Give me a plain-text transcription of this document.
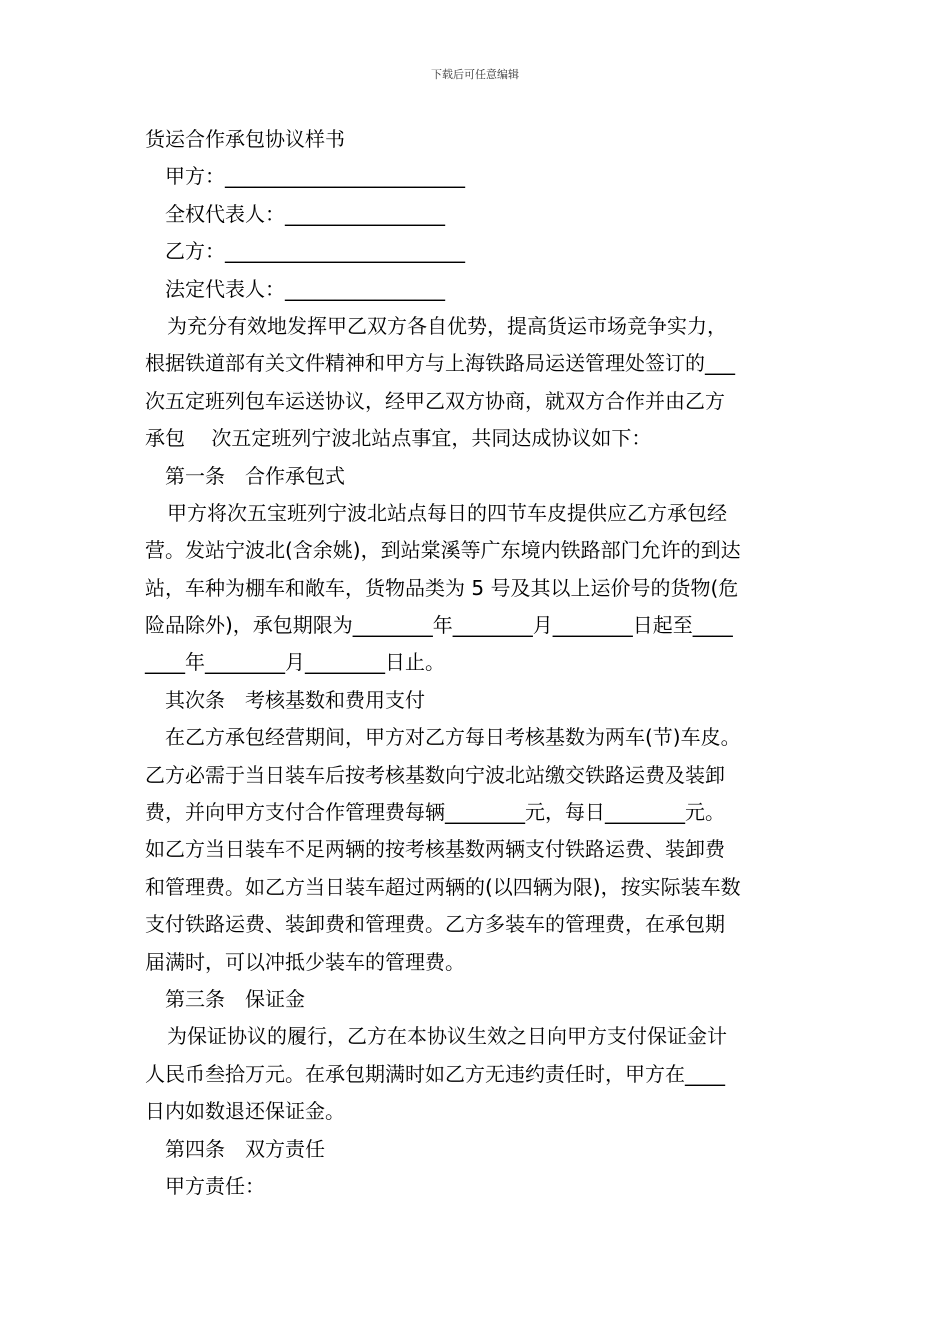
下载后可任意编辑
货运合作承包协议样书
甲方：________________________
全权代表人：________________
乙方：________________________
法定代表人：________________
为充分有效地发挥甲乙双方各自优势，提高货运市场竞争实力，
根据铁道部有关文件精神和甲方与上海铁路局运送管理处签订的___
次五定班列包车运送协议，经甲乙双方协商，就双方合作并由乙方
承包　 次五定班列宁波北站点事宜，共同达成协议如下：
第一条　合作承包式
甲方将次五宝班列宁波北站点每日的四节车皮提供应乙方承包经
营。发站宁波北(含余姚)，到站棠溪等广东境内铁路部门允许的到达
站，车种为棚车和敞车，货物品类为 5 号及其以上运价号的货物(危
险品除外)，承包期限为________年________月________日起至____
____年________月________日止。
其次条　考核基数和费用支付
在乙方承包经营期间，甲方对乙方每日考核基数为两车(节)车皮。
乙方必需于当日装车后按考核基数向宁波北站缴交铁路运费及装卸
费，并向甲方支付合作管理费每辆________元，每日________元。
如乙方当日装车不足两辆的按考核基数两辆支付铁路运费、装卸费
和管理费。如乙方当日装车超过两辆的(以四辆为限)，按实际装车数
支付铁路运费、装卸费和管理费。乙方多装车的管理费，在承包期
届满时，可以冲抵少装车的管理费。
第三条　保证金
为保证协议的履行，乙方在本协议生效之日向甲方支付保证金计
人民币叁拾万元。在承包期满时如乙方无违约责任时，甲方在____
日内如数退还保证金。
第四条　双方责任
甲方责任：
